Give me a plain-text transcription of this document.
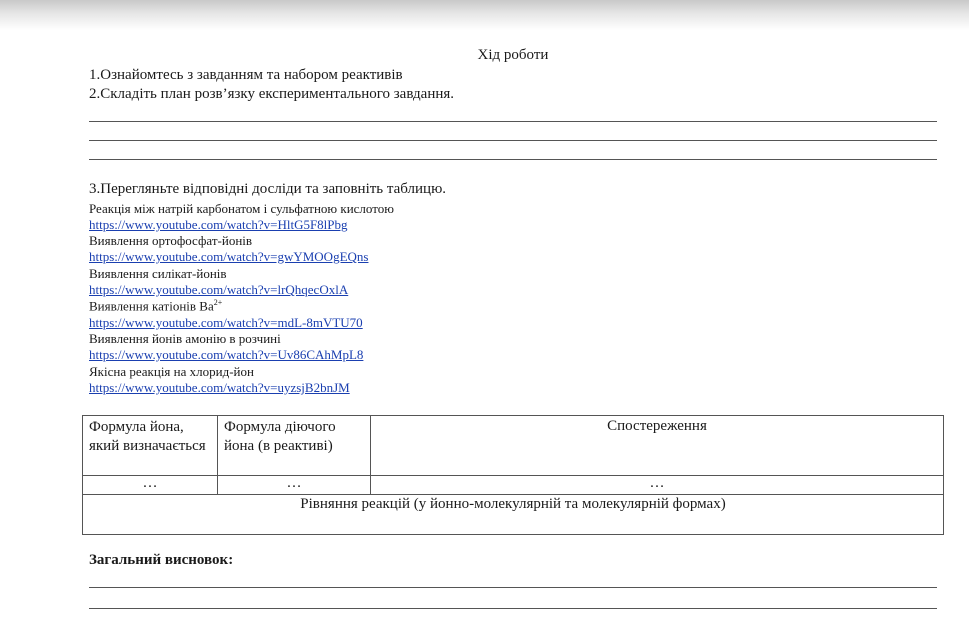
Хід роботи
1.Ознайомтесь з завданням та набором реактивів
2.Складіть план розв’язку експериментального завдання.
3.Перегляньте відповідні досліди та заповніть таблицю.
Реакція між натрій карбонатом і сульфатною кислотою
https://www.youtube.com/watch?v=HltG5F8lPbg
Виявлення ортофосфат-йонів
https://www.youtube.com/watch?v=gwYMOOgEQns
Виявлення силікат-йонів
https://www.youtube.com/watch?v=lrQhqecOxlA
Виявлення катіонів $Ba^{2+}$
https://www.youtube.com/watch?v=mdL-8mVTU70
Виявлення йонів амонію в розчині
https://www.youtube.com/watch?v=Uv86CAhMpL8
Якісна реакція на хлорид-йон
https://www.youtube.com/watch?v=uyzsjB2bnJM
Формула йона, який визначається	Формула діючого йона (в реактиві)	Спостереження
…	…	…
Рівняння реакцій (у йонно-молекулярній та молекулярній формах)		
Загальний висновок:
